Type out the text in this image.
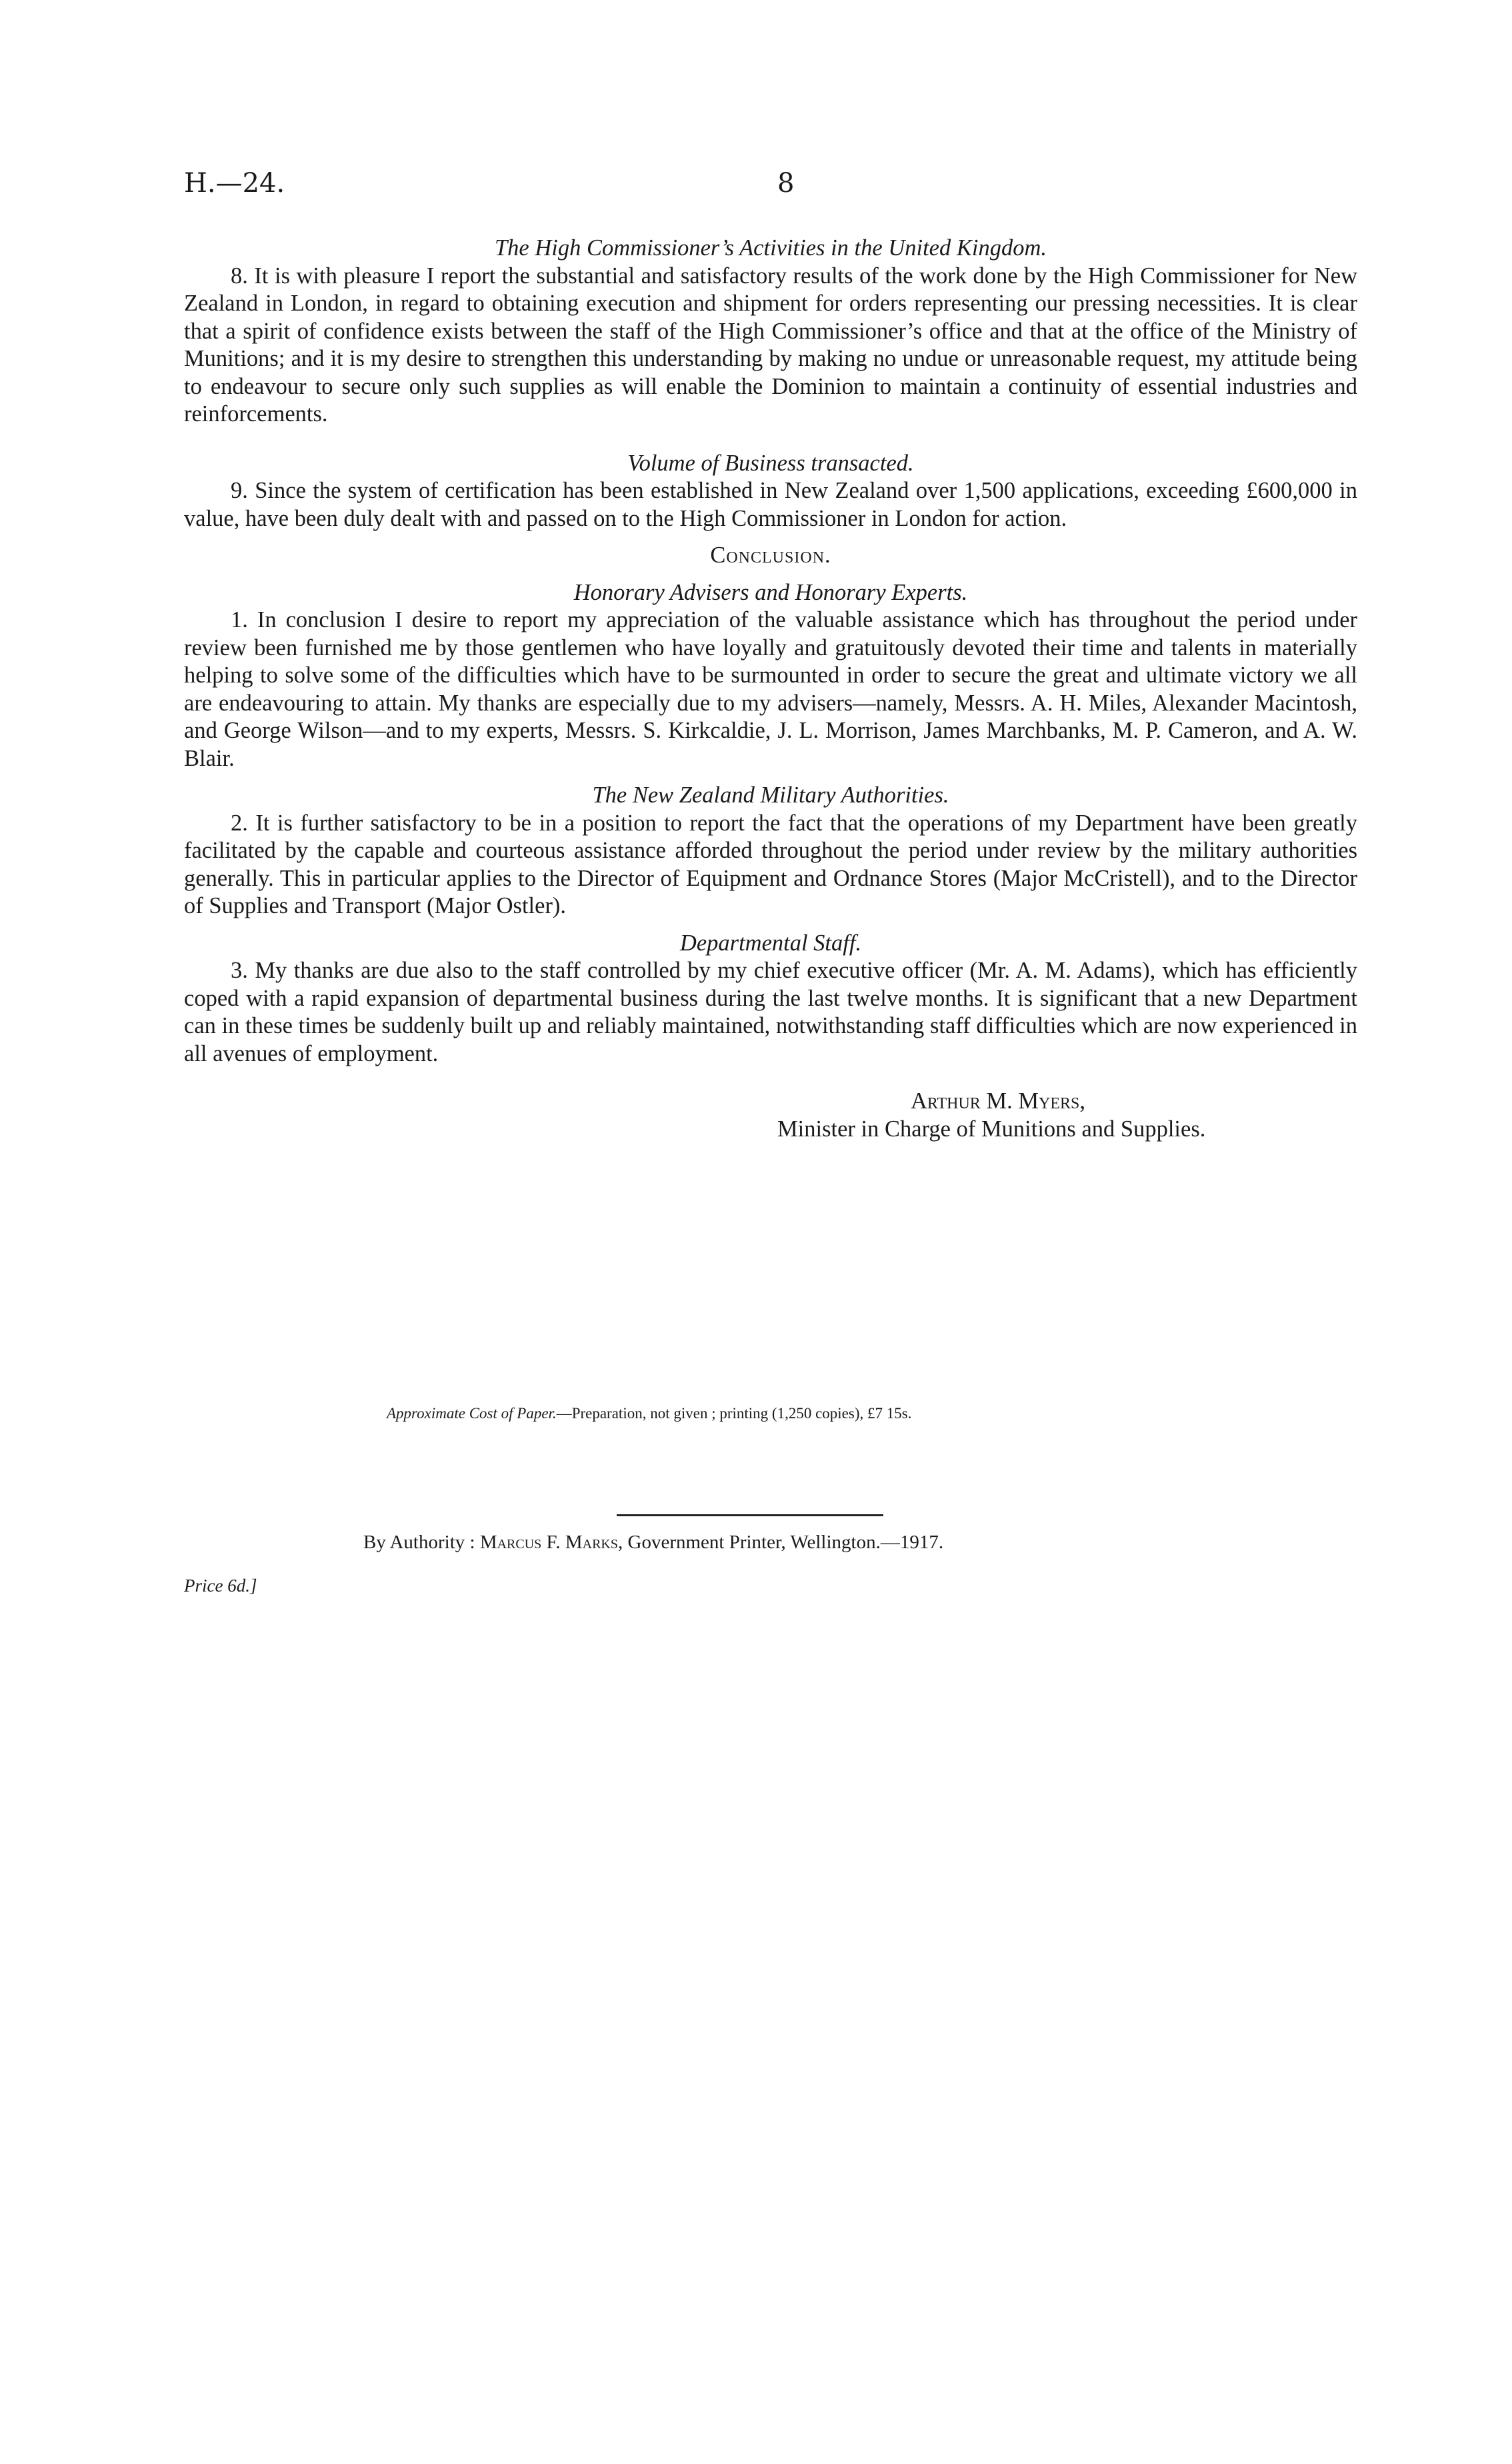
H.—24.	8

The High Commissioner’s Activities in the United Kingdom.

8. It is with pleasure I report the substantial and satisfactory results of the work done by the High Commissioner for New Zealand in London, in regard to obtaining execution and shipment for orders representing our pressing necessities. It is clear that a spirit of confidence exists between the staff of the High Commissioner’s office and that at the office of the Ministry of Munitions; and it is my desire to strengthen this understanding by making no undue or unreasonable request, my attitude being to endeavour to secure only such supplies as will enable the Dominion to maintain a continuity of essential industries and reinforcements.

Volume of Business transacted.

9. Since the system of certification has been established in New Zealand over 1,500 applications, exceeding £600,000 in value, have been duly dealt with and passed on to the High Commissioner in London for action.

Conclusion.

Honorary Advisers and Honorary Experts.

1. In conclusion I desire to report my appreciation of the valuable assistance which has throughout the period under review been furnished me by those gentlemen who have loyally and gratuitously devoted their time and talents in materially helping to solve some of the difficulties which have to be surmounted in order to secure the great and ultimate victory we all are endeavouring to attain. My thanks are especially due to my advisers—namely, Messrs. A. H. Miles, Alexander Macintosh, and George Wilson—and to my experts, Messrs. S. Kirkcaldie, J. L. Morrison, James Marchbanks, M. P. Cameron, and A. W. Blair.

The New Zealand Military Authorities.

2. It is further satisfactory to be in a position to report the fact that the operations of my Department have been greatly facilitated by the capable and courteous assistance afforded throughout the period under review by the military authorities generally. This in particular applies to the Director of Equipment and Ordnance Stores (Major McCristell), and to the Director of Supplies and Transport (Major Ostler).

Departmental Staff.

3. My thanks are due also to the staff controlled by my chief executive officer (Mr. A. M. Adams), which has efficiently coped with a rapid expansion of departmental business during the last twelve months. It is significant that a new Department can in these times be suddenly built up and reliably maintained, notwithstanding staff difficulties which are now experienced in all avenues of employment.

Arthur M. Myers,

Minister in Charge of Munitions and Supplies.

Approximate Cost of Paper.—Preparation, not given ; printing (1,250 copies), £7 15s.
By Authority : Marcus F. Marks, Government Printer, Wellington.—1917.
Price 6d.]
